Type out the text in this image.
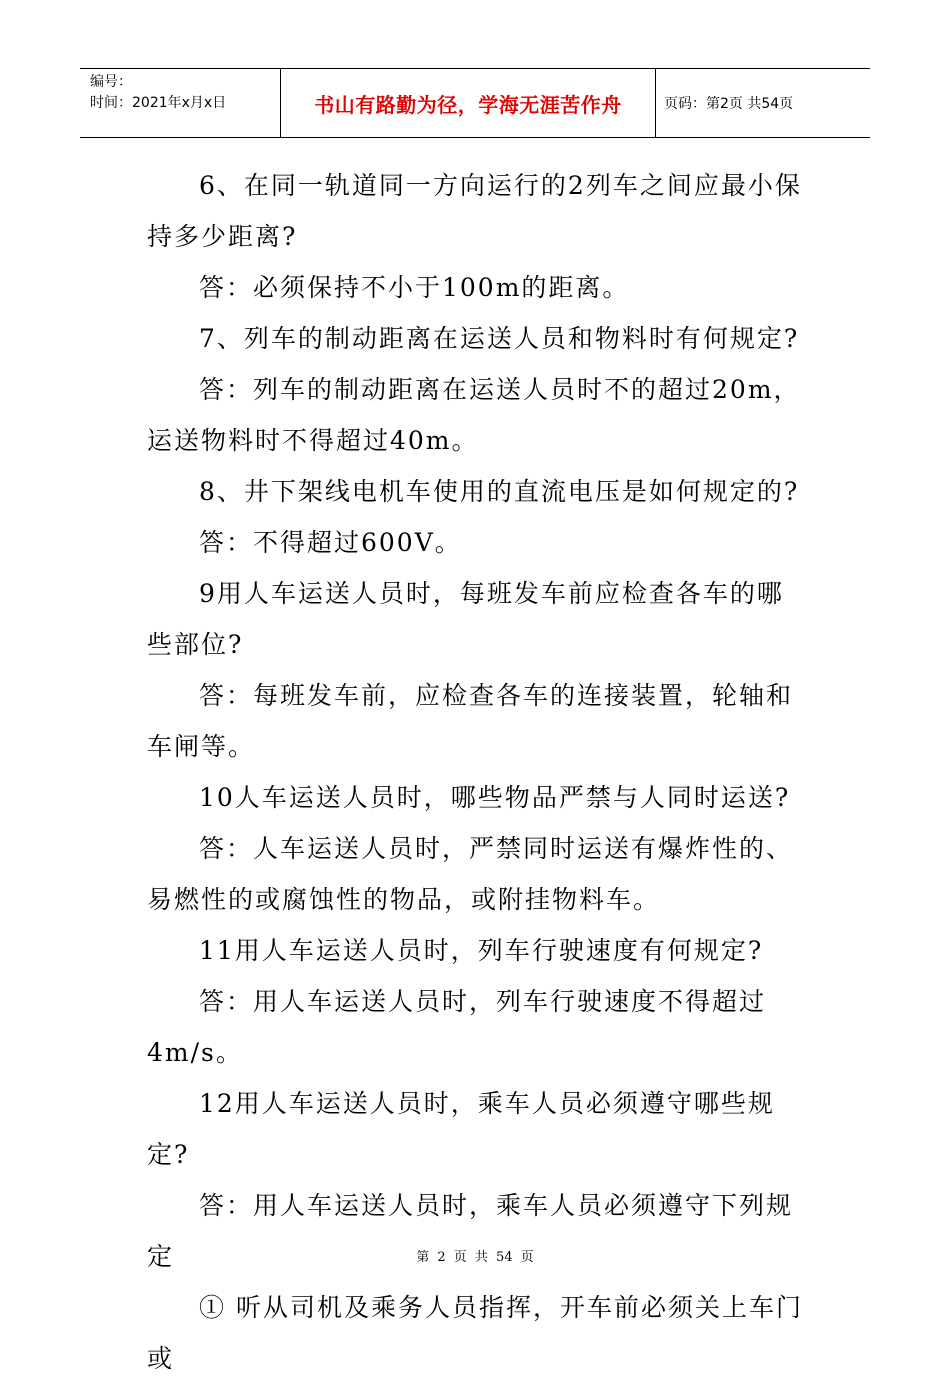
编号：
时间：2021年x月x日	书山有路勤为径，学海无涯苦作舟	页码：第2页 共54页

6、在同一轨道同一方向运行的2列车之间应最小保持多少距离?

答：必须保持不小于100m的距离。

7、列车的制动距离在运送人员和物料时有何规定?

答：列车的制动距离在运送人员时不的超过20m，运送物料时不得超过40m。

8、井下架线电机车使用的直流电压是如何规定的?

答：不得超过600V。

9用人车运送人员时，每班发车前应检查各车的哪些部位?

答：每班发车前，应检查各车的连接装置，轮轴和车闸等。

10人车运送人员时，哪些物品严禁与人同时运送?

答：人车运送人员时，严禁同时运送有爆炸性的、易燃性的或腐蚀性的物品，或附挂物料车。

11用人车运送人员时，列车行驶速度有何规定?

答：用人车运送人员时，列车行驶速度不得超过4m/s。

12用人车运送人员时，乘车人员必须遵守哪些规定?

答：用人车运送人员时，乘车人员必须遵守下列规定

① 听从司机及乘务人员指挥，开车前必须关上车门或

第 2 页 共 54 页
